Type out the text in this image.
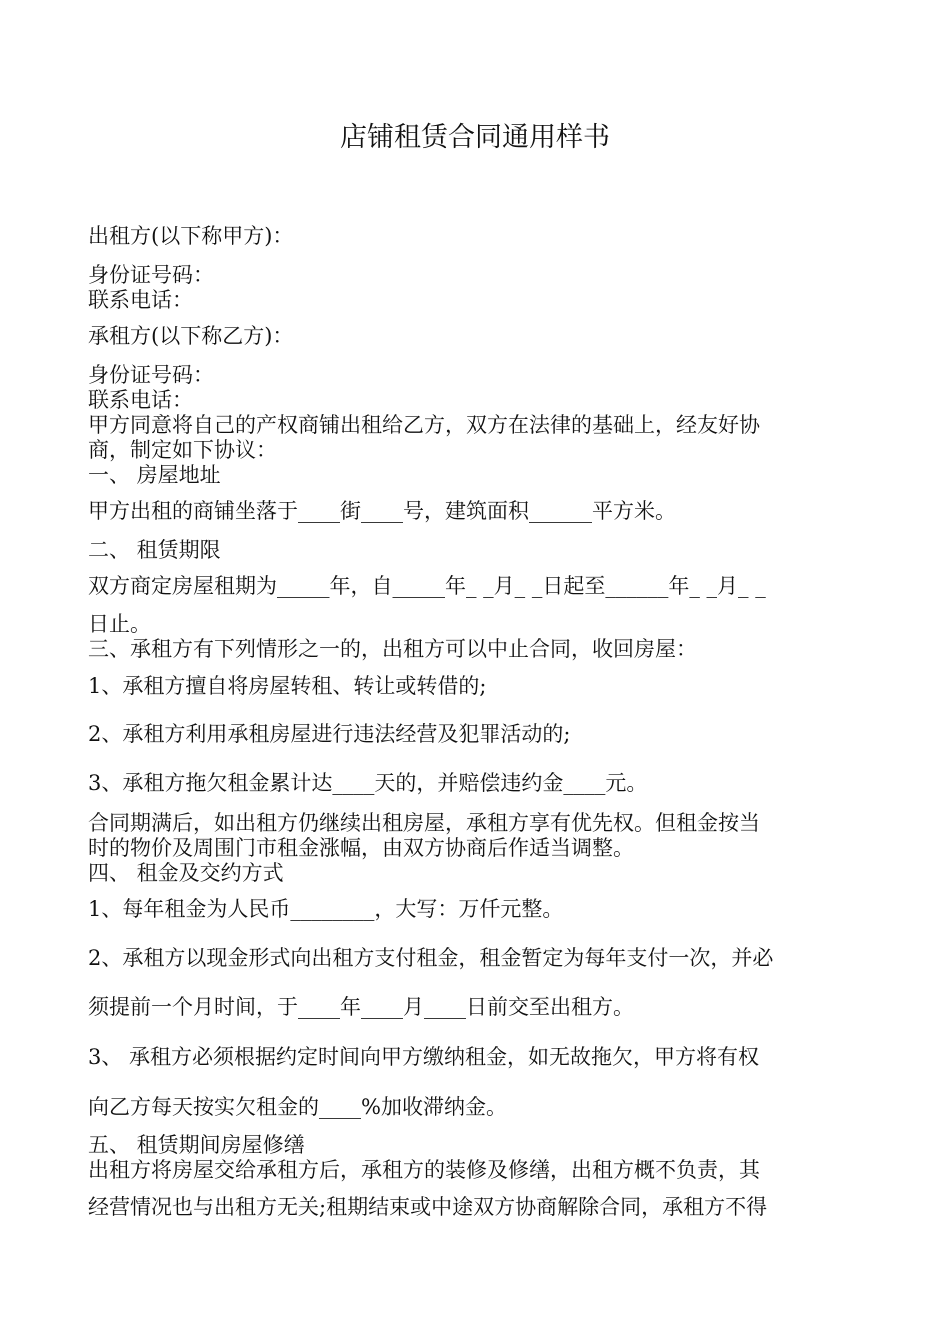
店铺租赁合同通用样书
出租方(以下称甲方)：
身份证号码：
联系电话：
承租方(以下称乙方)：
身份证号码：
联系电话：
甲方同意将自己的产权商铺出租给乙方，双方在法律的基础上，经友好协
商，制定如下协议：
一、 房屋地址
甲方出租的商铺坐落于____街____号，建筑面积______平方米。
二、 租赁期限
双方商定房屋租期为_____年，自_____年_ _月_ _日起至______年_ _月_ _
日止。
三、承租方有下列情形之一的，出租方可以中止合同，收回房屋：
1、承租方擅自将房屋转租、转让或转借的;
2、承租方利用承租房屋进行违法经营及犯罪活动的;
3、承租方拖欠租金累计达____天的，并赔偿违约金____元。
合同期满后，如出租方仍继续出租房屋，承租方享有优先权。但租金按当
时的物价及周围门市租金涨幅，由双方协商后作适当调整。
四、 租金及交约方式
1、每年租金为人民币________，大写：万仟元整。
2、承租方以现金形式向出租方支付租金，租金暂定为每年支付一次，并必
须提前一个月时间，于____年____月____日前交至出租方。
3、 承租方必须根据约定时间向甲方缴纳租金，如无故拖欠，甲方将有权
向乙方每天按实欠租金的____%加收滞纳金。
五、 租赁期间房屋修缮
出租方将房屋交给承租方后，承租方的装修及修缮，出租方概不负责，其
经营情况也与出租方无关;租期结束或中途双方协商解除合同，承租方不得
